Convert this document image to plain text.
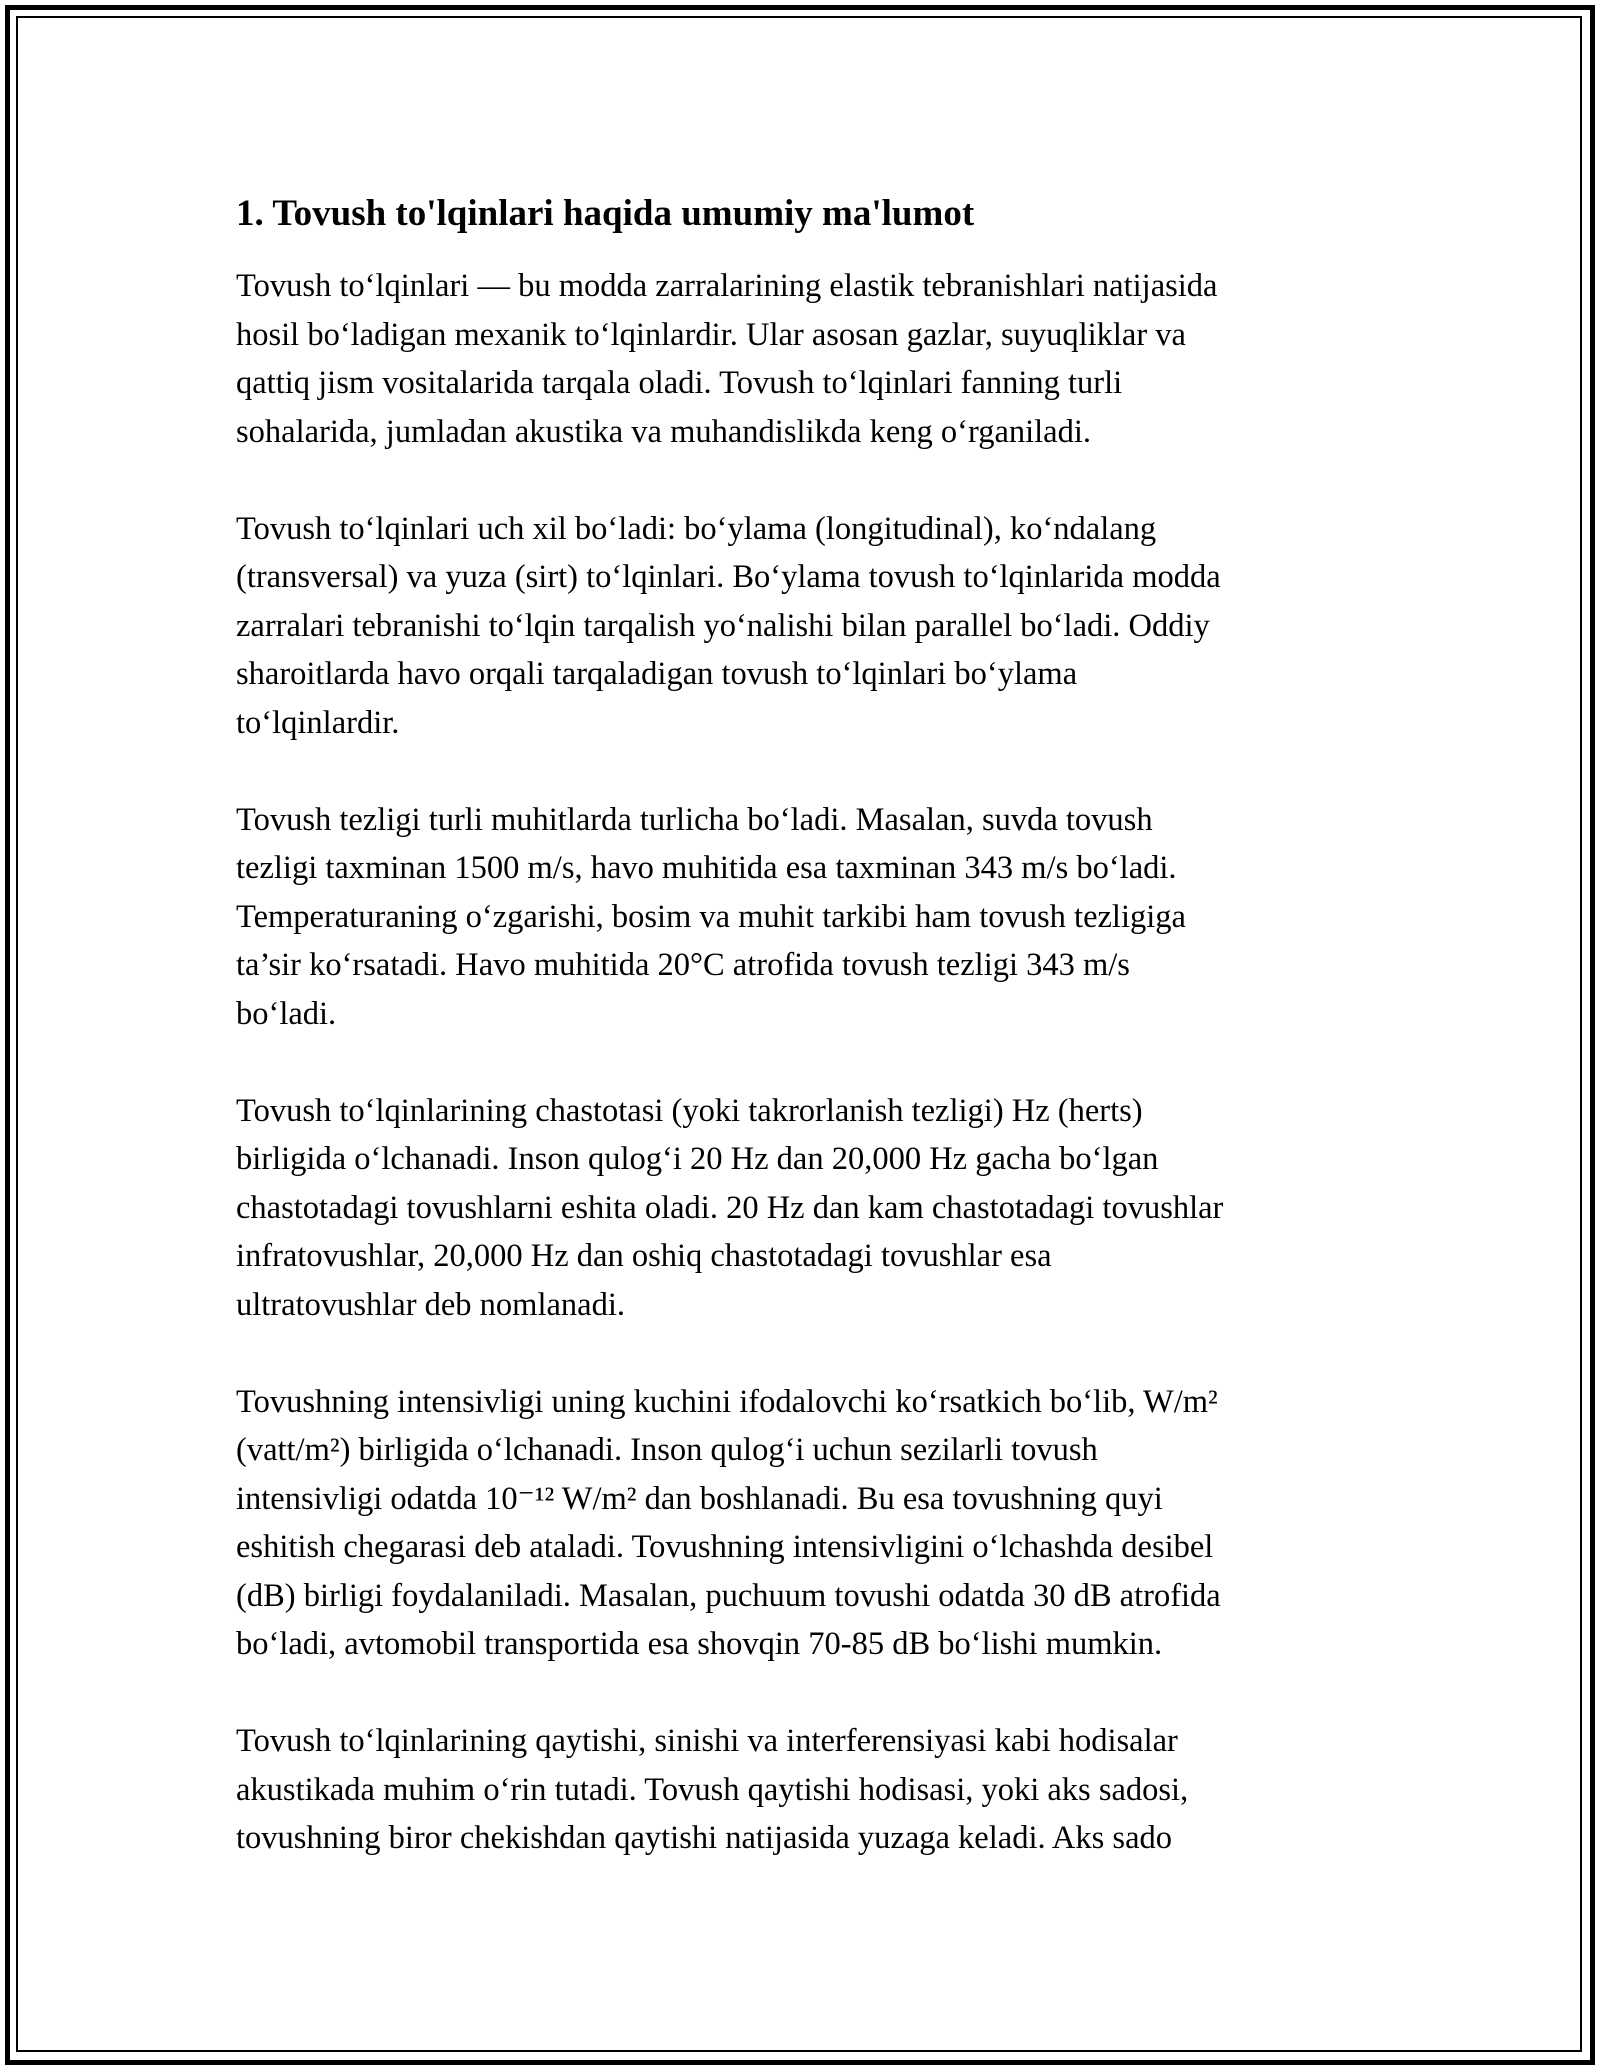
1. Tovush to'lqinlari haqida umumiy ma'lumot
Tovush to‘lqinlari — bu modda zarralarining elastik tebranishlari natijasida
hosil bo‘ladigan mexanik to‘lqinlardir. Ular asosan gazlar, suyuqliklar va
qattiq jism vositalarida tarqala oladi. Tovush to‘lqinlari fanning turli
sohalarida, jumladan akustika va muhandislikda keng o‘rganiladi.
Tovush to‘lqinlari uch xil bo‘ladi: bo‘ylama (longitudinal), ko‘ndalang
(transversal) va yuza (sirt) to‘lqinlari. Bo‘ylama tovush to‘lqinlarida modda
zarralari tebranishi to‘lqin tarqalish yo‘nalishi bilan parallel bo‘ladi. Oddiy
sharoitlarda havo orqali tarqaladigan tovush to‘lqinlari bo‘ylama
to‘lqinlardir.
Tovush tezligi turli muhitlarda turlicha bo‘ladi. Masalan, suvda tovush
tezligi taxminan 1500 m/s, havo muhitida esa taxminan 343 m/s bo‘ladi.
Temperaturaning o‘zgarishi, bosim va muhit tarkibi ham tovush tezligiga
ta’sir ko‘rsatadi. Havo muhitida 20°C atrofida tovush tezligi 343 m/s
bo‘ladi.
Tovush to‘lqinlarining chastotasi (yoki takrorlanish tezligi) Hz (herts)
birligida o‘lchanadi. Inson qulog‘i 20 Hz dan 20,000 Hz gacha bo‘lgan
chastotadagi tovushlarni eshita oladi. 20 Hz dan kam chastotadagi tovushlar
infratovushlar, 20,000 Hz dan oshiq chastotadagi tovushlar esa
ultratovushlar deb nomlanadi.
Tovushning intensivligi uning kuchini ifodalovchi ko‘rsatkich bo‘lib, W/m²
(vatt/m²) birligida o‘lchanadi. Inson qulog‘i uchun sezilarli tovush
intensivligi odatda 10⁻¹² W/m² dan boshlanadi. Bu esa tovushning quyi
eshitish chegarasi deb ataladi. Tovushning intensivligini o‘lchashda desibel
(dB) birligi foydalaniladi. Masalan, puchuum tovushi odatda 30 dB atrofida
bo‘ladi, avtomobil transportida esa shovqin 70-85 dB bo‘lishi mumkin.
Tovush to‘lqinlarining qaytishi, sinishi va interferensiyasi kabi hodisalar
akustikada muhim o‘rin tutadi. Tovush qaytishi hodisasi, yoki aks sadosi,
tovushning biror chekishdan qaytishi natijasida yuzaga keladi. Aks sado
